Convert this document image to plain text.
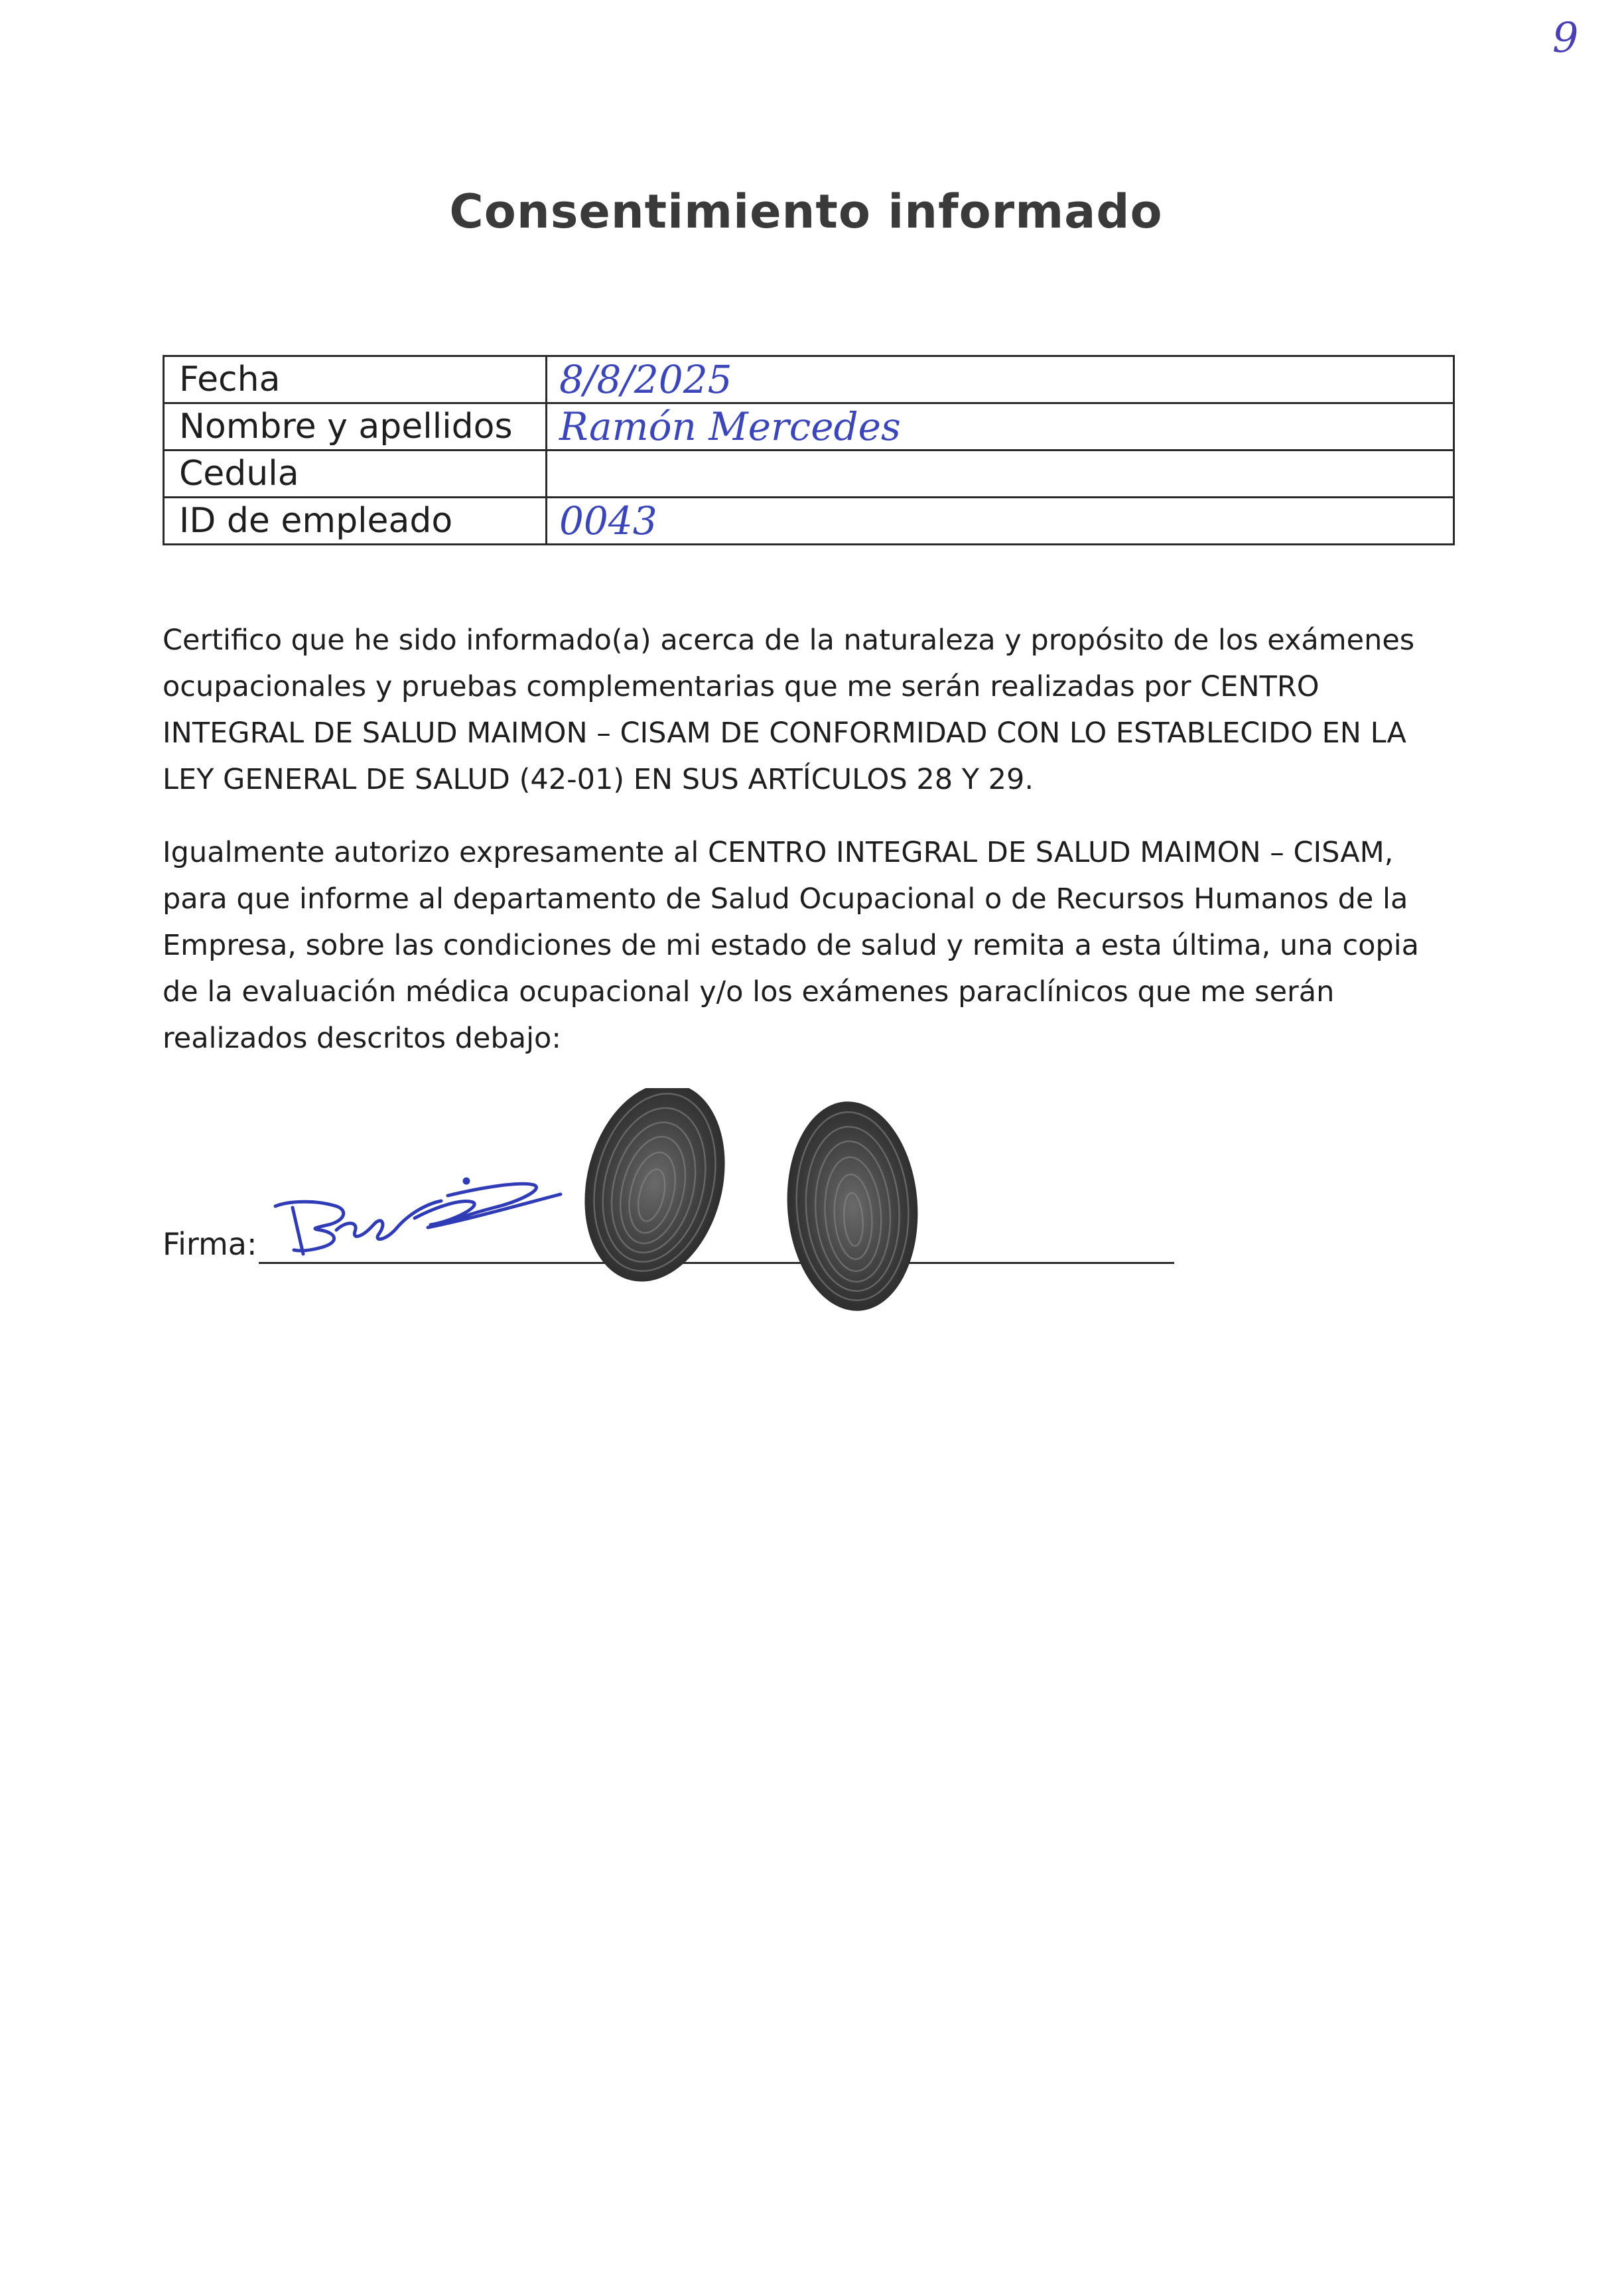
9
Consentimiento informado
Fecha	8/8/2025
Nombre y apellidos	Ramón Mercedes
Cedula	
ID de empleado	0043

Certifico que he sido informado(a) acerca de la naturaleza y propósito de los exámenes ocupacionales y pruebas complementarias que me serán realizadas por CENTRO INTEGRAL DE SALUD MAIMON – CISAM DE CONFORMIDAD CON LO ESTABLECIDO EN LA LEY GENERAL DE SALUD (42-01) EN SUS ARTÍCULOS 28 Y 29.

Igualmente autorizo expresamente al CENTRO INTEGRAL DE SALUD MAIMON – CISAM, para que informe al departamento de Salud Ocupacional o de Recursos Humanos de la Empresa, sobre las condiciones de mi estado de salud y remita a esta última, una copia de la evaluación médica ocupacional y/o los exámenes paraclínicos que me serán realizados descritos debajo:

Firma:
